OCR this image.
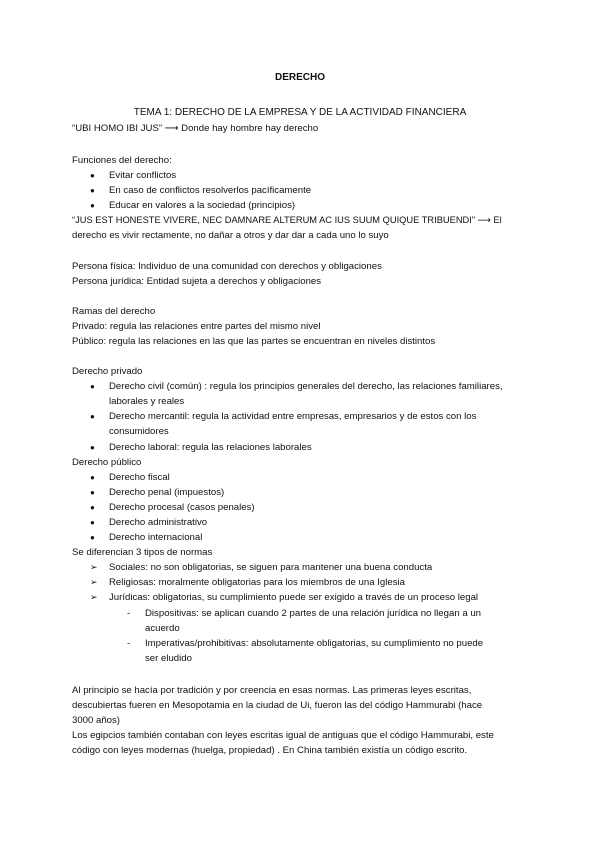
DERECHO
TEMA 1: DERECHO DE LA EMPRESA Y DE LA ACTIVIDAD FINANCIERA

“UBI HOMO IBI JUS” ⟶ Donde hay hombre hay derecho

Funciones del derecho:

● Evitar conflictos
● En caso de conflictos resolverlos pacíficamente
● Educar en valores a la sociedad (principios)

“JUS EST HONESTE VIVERE, NEC DAMNARE ALTERUM AC IUS SUUM QUIQUE TRIBUENDI” ⟶ El

derecho es vivir rectamente, no dañar a otros y dar dar a cada uno lo suyo

Persona física: Individuo de una comunidad con derechos y obligaciones

Persona jurídica: Entidad sujeta a derechos y obligaciones

Ramas del derecho

Privado: regula las relaciones entre partes del mismo nivel

Público: regula las relaciones en las que las partes se encuentran en niveles distintos

Derecho privado

● Derecho civil (común) : regula los principios generales del derecho, las relaciones familiares,
laborales y reales
● Derecho mercantil: regula la actividad entre empresas, empresarios y de estos con los
consumidores
● Derecho laboral: regula las relaciones laborales

Derecho público

● Derecho fiscal
● Derecho penal (impuestos)
● Derecho procesal (casos penales)
● Derecho administrativo
● Derecho internacional

Se diferencian 3 tipos de normas

➢ Sociales: no son obligatorias, se siguen para mantener una buena conducta
➢ Religiosas: moralmente obligatorias para los miembros de una Iglesia
➢ Jurídicas: obligatorias, su cumplimiento puede ser exigido a través de un proceso legal
- Dispositivas: se aplican cuando 2 partes de una relación jurídica no llegan a un
acuerdo
- Imperativas/prohibitivas: absolutamente obligatorias, su cumplimiento no puede
ser eludido

Al principio se hacía por tradición y por creencia en esas normas. Las primeras leyes escritas,

descubiertas fueren en Mesopotamia en la ciudad de Ui, fueron las del código Hammurabi (hace

3000 años)

Los egipcios también contaban con leyes escritas igual de antiguas que el código Hammurabi, este

código con leyes modernas (huelga, propiedad) . En China también existía un código escrito.
